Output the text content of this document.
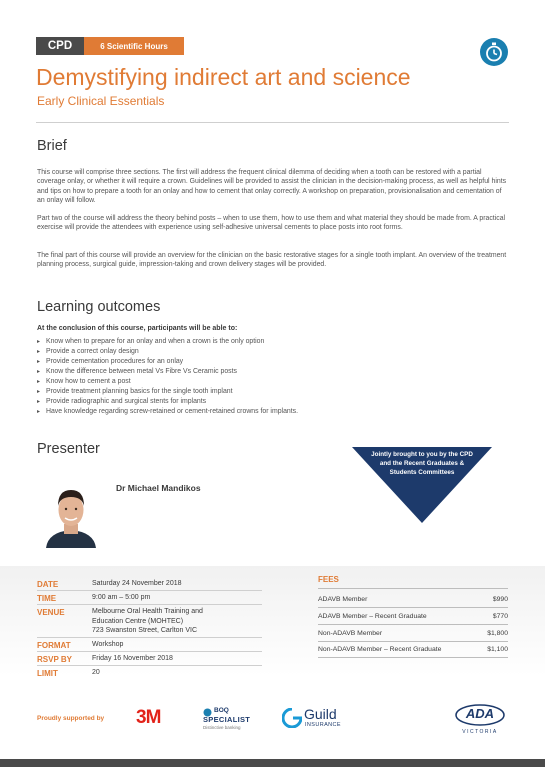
CPD	6 Scientific Hours
Demystifying indirect art and science
Early Clinical Essentials
Brief
This course will comprise three sections. The first will address the frequent clinical dilemma of deciding when a tooth can be restored with a partial coverage onlay, or whether it will require a crown. Guidelines will be provided to assist the clinician in the decision-making process, as well as helpful hints and tips on how to prepare a tooth for an onlay and how to cement that onlay correctly. A workshop on preparation, provisionalisation and cementation of an onlay will follow.
Part two of the course will address the theory behind posts – when to use them, how to use them and what material they should be made from. A practical exercise will provide the attendees with experience using self-adhesive universal cements to place posts into root forms.
The final part of this course will provide an overview for the clinician on the basic restorative stages for a single tooth implant. An overview of the treatment planning process, surgical guide, impression-taking and crown delivery stages will be provided.
Learning outcomes
At the conclusion of this course, participants will be able to:
▸ Know when to prepare for an onlay and when a crown is the only option
▸ Provide a correct onlay design
▸ Provide cementation procedures for an onlay
▸ Know the difference between metal Vs Fibre Vs Ceramic posts
▸ Know how to cement a post
▸ Provide treatment planning basics for the single tooth implant
▸ Provide radiographic and surgical stents for implants
▸ Have knowledge regarding screw-retained or cement-retained crowns for implants.
Presenter
Dr Michael Mandikos
Jointly brought to you by the CPD and the Recent Graduates & Students Committees
DATE	Saturday 24 November 2018
TIME	9:00 am – 5:00 pm
VENUE	Melbourne Oral Health Training and
Education Centre (MOHTEC)
723 Swanston Street, Carlton VIC
FORMAT	Workshop
RSVP BY	Friday 16 November 2018
LIMIT	20
FEES
ADAVB Member	$990
ADAVB Member – Recent Graduate	$770
Non-ADAVB Member	$1,800
Non-ADAVB Member – Recent Graduate	$1,100
Proudly supported by 3M	BOQ
SPECIALIST
Distinctive banking
Guild
INSURANCE
ADA
VICTORIA
